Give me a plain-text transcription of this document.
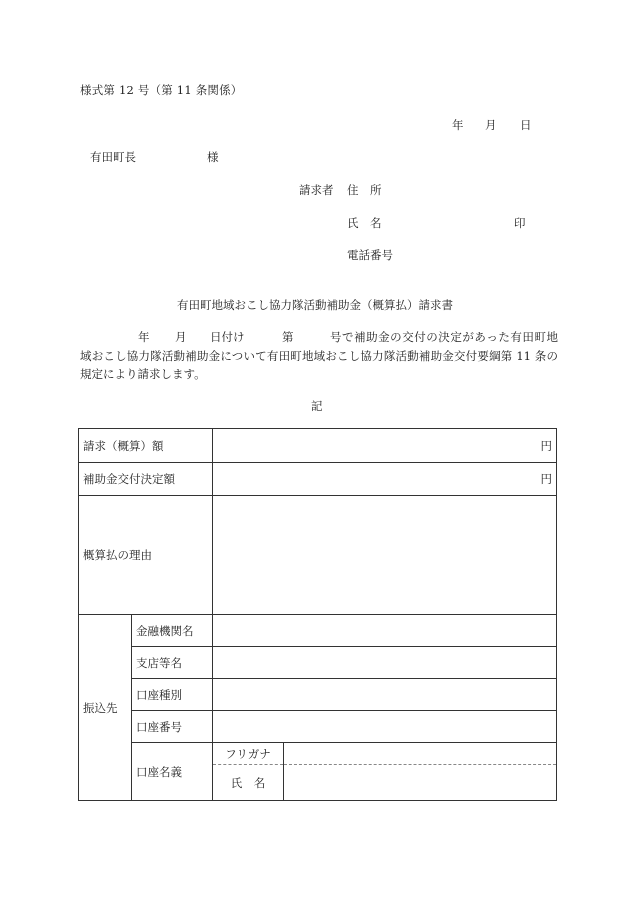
様式第 12 号（第 11 条関係）
年 月 日
有田町長	様
請求者 住　所
氏　名	印
電話番号
有田町地域おこし協力隊活動補助金（概算払）請求書
年 月 日付け	第	号で補助金の交付の決定があった有田町地
域おこし協力隊活動補助金について有田町地域おこし協力隊活動補助金交付要綱第 11 条の
規定により請求します。
記
請求（概算）額		円	
補助金交付決定額		円	
概算払の理由			
振込先	金融機関名		
	支店等名		
	口座種別		
	口座番号		
	口座名義	フリガナ	
		氏　名	
